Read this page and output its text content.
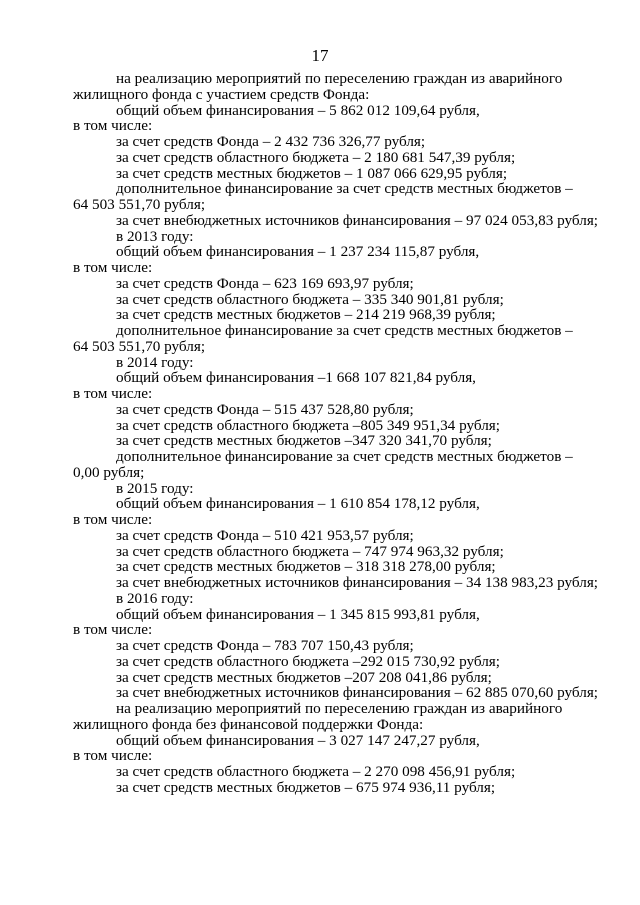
17
на реализацию мероприятий по переселению граждан из аварийного
жилищного фонда с участием средств Фонда:
общий объем финансирования – 5 862 012 109,64 рубля,
в том числе:
за счет средств Фонда – 2 432 736 326,77 рубля;
за счет средств областного бюджета – 2 180 681 547,39 рубля;
за счет средств местных бюджетов – 1 087 066 629,95 рубля;
дополнительное финансирование за счет средств местных бюджетов –
64 503 551,70 рубля;
за счет внебюджетных источников финансирования – 97 024 053,83 рубля;
в 2013 году:
общий объем финансирования – 1 237 234 115,87 рубля,
в том числе:
за счет средств Фонда – 623 169 693,97 рубля;
за счет средств областного бюджета – 335 340 901,81 рубля;
за счет средств местных бюджетов – 214 219 968,39 рубля;
дополнительное финансирование за счет средств местных бюджетов –
64 503 551,70 рубля;
в 2014 году:
общий объем финансирования –1 668 107 821,84 рубля,
в том числе:
за счет средств Фонда – 515 437 528,80 рубля;
за счет средств областного бюджета –805 349 951,34 рубля;
за счет средств местных бюджетов –347 320 341,70 рубля;
дополнительное финансирование за счет средств местных бюджетов –
0,00 рубля;
в 2015 году:
общий объем финансирования – 1 610 854 178,12 рубля,
в том числе:
за счет средств Фонда – 510 421 953,57 рубля;
за счет средств областного бюджета – 747 974 963,32 рубля;
за счет средств местных бюджетов – 318 318 278,00 рубля;
за счет внебюджетных источников финансирования – 34 138 983,23 рубля;
в 2016 году:
общий объем финансирования – 1 345 815 993,81 рубля,
в том числе:
за счет средств Фонда – 783 707 150,43 рубля;
за счет средств областного бюджета –292 015 730,92 рубля;
за счет средств местных бюджетов –207 208 041,86 рубля;
за счет внебюджетных источников финансирования – 62 885 070,60 рубля;
на реализацию мероприятий по переселению граждан из аварийного
жилищного фонда без финансовой поддержки Фонда:
общий объем финансирования – 3 027 147 247,27 рубля,
в том числе:
за счет средств областного бюджета – 2 270 098 456,91 рубля;
за счет средств местных бюджетов – 675 974 936,11 рубля;
